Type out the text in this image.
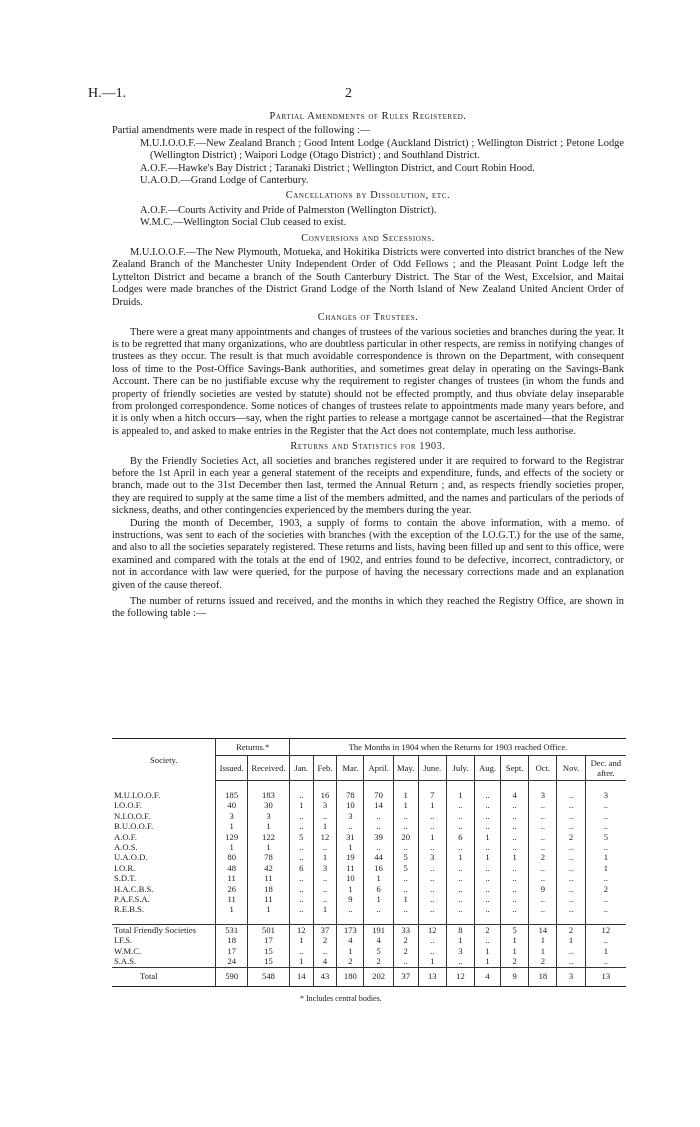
H.—1.	2
Partial Amendments of Rules Registered.

Partial amendments were made in respect of the following :—

M.U.I.O.O.F.—New Zealand Branch ; Good Intent Lodge (Auckland District) ; Wellington District ; Petone Lodge (Wellington District) ; Waipori Lodge (Otago District) ; and Southland District.

A.O.F.—Hawke's Bay District ; Taranaki District ; Wellington District, and Court Robin Hood.

U.A.O.D.—Grand Lodge of Canterbury.

Cancellations by Dissolution, etc.

A.O.F.—Courts Activity and Pride of Palmerston (Wellington District).

W.M.C.—Wellington Social Club ceased to exist.

Conversions and Secessions.

M.U.I.O.O.F.—The New Plymouth, Motueka, and Hokitika Districts were converted into district branches of the New Zealand Branch of the Manchester Unity Independent Order of Odd Fellows ; and the Pleasant Point Lodge left the Lyttelton District and became a branch of the South Canterbury District. The Star of the West, Excelsior, and Maitai Lodges were made branches of the District Grand Lodge of the North Island of New Zealand United Ancient Order of Druids.

Changes of Trustees.

There were a great many appointments and changes of trustees of the various societies and branches during the year. It is to be regretted that many organizations, who are doubtless particular in other respects, are remiss in notifying changes of trustees as they occur. The result is that much avoidable correspondence is thrown on the Department, with consequent loss of time to the Post-Office Savings-Bank authorities, and sometimes great delay in operating on the Savings-Bank Account. There can be no justifiable excuse why the requirement to register changes of trustees (in whom the funds and property of friendly societies are vested by statute) should not be effected promptly, and thus obviate delay inseparable from prolonged correspondence. Some notices of changes of trustees relate to appointments made many years before, and it is only when a hitch occurs—say, when the right parties to release a mortgage cannot be ascertained—that the Registrar is appealed to, and asked to make entries in the Register that the Act does not contemplate, much less authorise.

Returns and Statistics for 1903.

By the Friendly Societies Act, all societies and branches registered under it are required to forward to the Registrar before the 1st April in each year a general statement of the receipts and expenditure, funds, and effects of the society or branch, made out to the 31st December then last, termed the Annual Return ; and, as respects friendly societies proper, they are required to supply at the same time a list of the members admitted, and the names and particulars of the periods of sickness, deaths, and other contingencies experienced by the members during the year.

During the month of December, 1903, a supply of forms to contain the above information, with a memo. of instructions, was sent to each of the societies with branches (with the exception of the I.O.G.T.) for the use of the same, and also to all the societies separately registered. These returns and lists, having been filled up and sent to this office, were examined and compared with the totals at the end of 1902, and entries found to be defective, incorrect, contradictory, or not in accordance with law were queried, for the purpose of having the necessary corrections made and an explanation given of the cause thereof.

The number of returns issued and received, and the months in which they reached the Registry Office, are shown in the following table :—

Society.	Returns.*		The Months in 1904 when the Returns for 1903 reached Office.											
	Issued.	Received.	Jan.	Feb.	Mar.	April.	May.	June.	July.	Aug.	Sept.	Oct.	Nov.	Dec. and after.

M.U.I.O.O.F.	185	183	..	16	78	70	1	7	1	..	4	3	..	3
I.O.O.F.	40	30	1	3	10	14	1	1	..	..	..	..	..	..
N.I.O.O.F.	3	3	..	..	3	..	..	..	..	..	..	..	..	..
B.U.O.O.F.	1	1	..	1	..	..	..	..	..	..	..	..	..	..
A.O.F.	129	122	5	12	31	39	20	1	6	1	..	..	2	5
A.O.S.	1	1	..	..	1	..	..	..	..	..	..	..	..	..
U.A.O.D.	80	78	..	1	19	44	5	3	1	1	1	2	..	1
I.O.R.	48	42	6	3	11	16	5	..	..	..	..	..	..	1
S.D.T.	11	11	..	..	10	1	..	..	..	..	..	..	..	..
H.A.C.B.S.	26	18	..	..	1	6	..	..	..	..	..	9	..	2
P.A.F.S.A.	11	11	..	..	9	1	1	..	..	..	..	..	..	..
R.E.B.S.	1	1	..	1	..	..	..	..	..	..	..	..	..	..

Total Friendly Societies	531	501	12	37	173	191	33	12	8	2	5	14	2	12
I.F.S.	18	17	1	2	4	4	2	..	1	..	1	1	1	..
W.M.C.	17	15	..	..	1	5	2	..	3	1	1	1	..	1
S.A.S.	24	15	1	4	2	2	..	1	..	1	2	2	..	..
Total	590	548	14	43	180	202	37	13	12	4	9	18	3	13
* Includes central bodies.
